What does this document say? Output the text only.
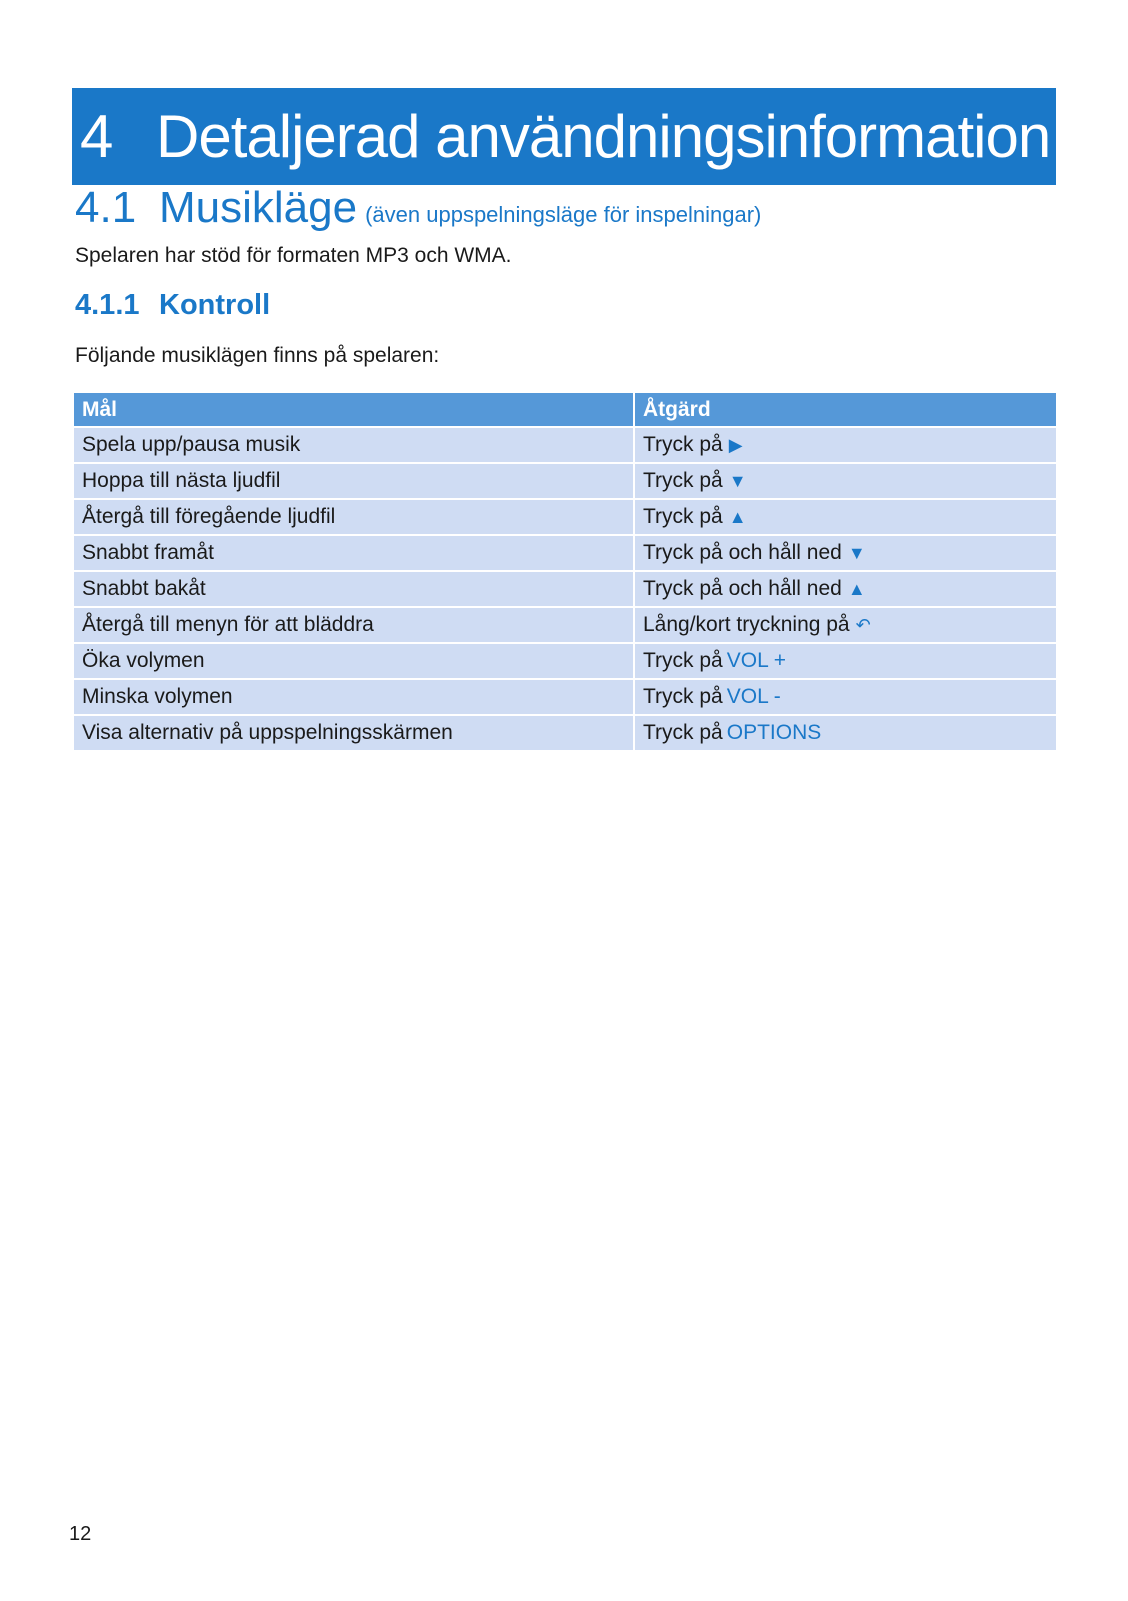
4 Detaljerad användningsinformation
4.1 Musikläge (även uppspelningsläge för inspelningar)
Spelaren har stöd för formaten MP3 och WMA.
4.1.1 Kontroll
Följande musiklägen finns på spelaren:
Mål	Åtgärd
Spela upp/pausa musik	Tryck på ▶
Hoppa till nästa ljudfil	Tryck på ▼
Återgå till föregående ljudfil	Tryck på ▲
Snabbt framåt	Tryck på och håll ned ▼
Snabbt bakåt	Tryck på och håll ned ▲
Återgå till menyn för att bläddra	Lång/kort tryckning på ↶
Öka volymen	Tryck på VOL +
Minska volymen	Tryck på VOL -
Visa alternativ på uppspelningsskärmen	Tryck på OPTIONS
12
